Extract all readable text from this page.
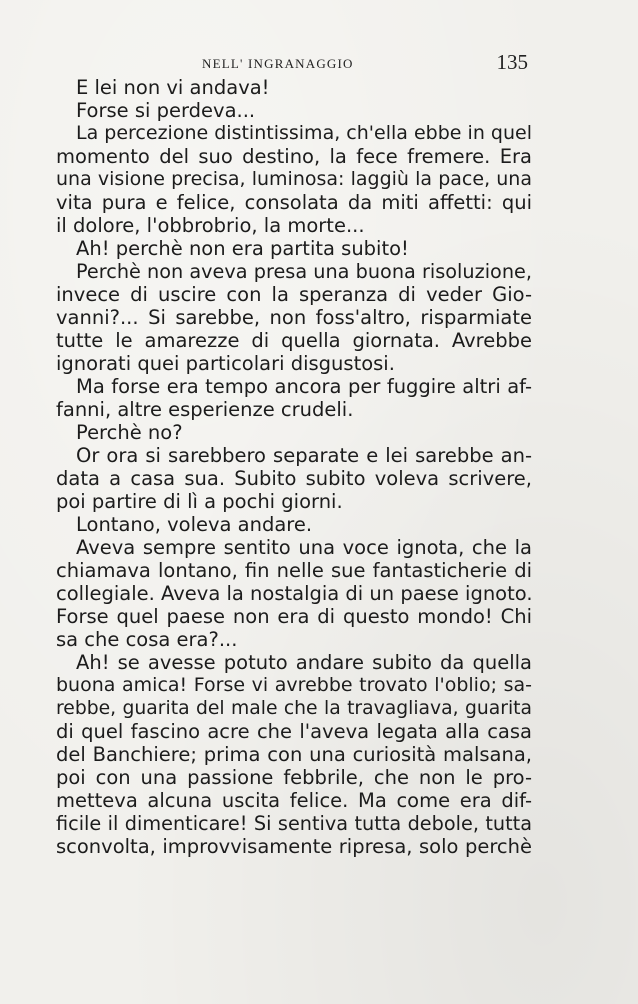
NELL' INGRANAGGIO	135
E lei non vi andava!
Forse si perdeva...
La percezione distintissima, ch'ella ebbe in quel
momento del suo destino, la fece fremere. Era
una visione precisa, luminosa: laggiù la pace, una
vita pura e felice, consolata da miti affetti: qui
il dolore, l'obbrobrio, la morte...
Ah! perchè non era partita subito!
Perchè non aveva presa una buona risoluzione,
invece di uscire con la speranza di veder Gio-
vanni?... Si sarebbe, non foss'altro, risparmiate
tutte le amarezze di quella giornata. Avrebbe
ignorati quei particolari disgustosi.
Ma forse era tempo ancora per fuggire altri af-
fanni, altre esperienze crudeli.
Perchè no?
Or ora si sarebbero separate e lei sarebbe an-
data a casa sua. Subito subito voleva scrivere,
poi partire di lì a pochi giorni.
Lontano, voleva andare.
Aveva sempre sentito una voce ignota, che la
chiamava lontano, fin nelle sue fantasticherie di
collegiale. Aveva la nostalgia di un paese ignoto.
Forse quel paese non era di questo mondo! Chi
sa che cosa era?...
Ah! se avesse potuto andare subito da quella
buona amica! Forse vi avrebbe trovato l'oblio; sa-
rebbe, guarita del male che la travagliava, guarita
di quel fascino acre che l'aveva legata alla casa
del Banchiere; prima con una curiosità malsana,
poi con una passione febbrile, che non le pro-
metteva alcuna uscita felice. Ma come era dif-
ficile il dimenticare! Si sentiva tutta debole, tutta
sconvolta, improvvisamente ripresa, solo perchè
